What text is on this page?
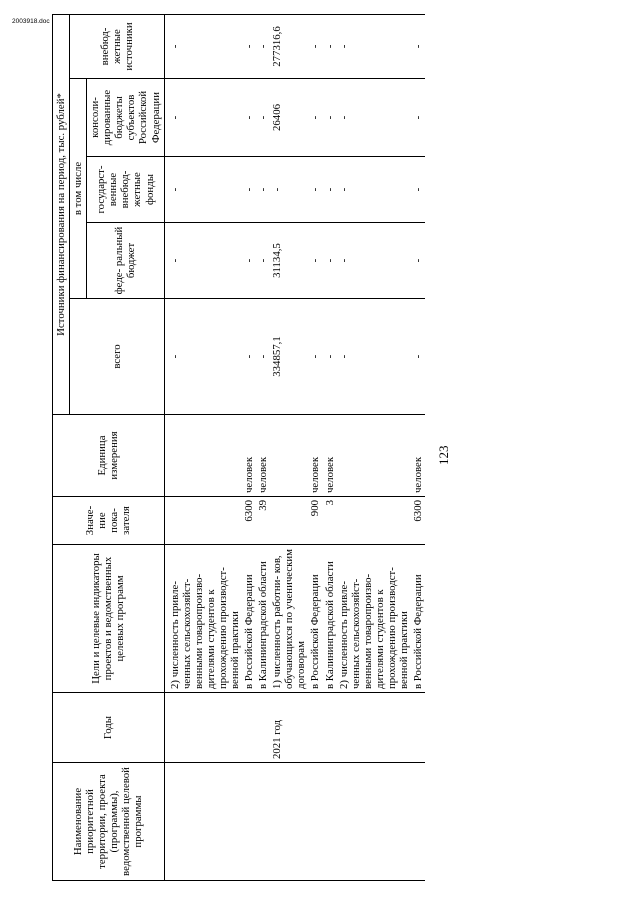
2003918.doc
123
Наименование приоритетной территории, проекта (программы), ведомственной целевой программы	Годы	Цели и целевые индикаторы проектов и ведомственных целевых программ	Значе- ние пока- зателя	Единица измерения	Источники финансирования на период, тыс. рублей*				
					всего	в том числе			внебюд- жетные источники
						феде- ральный бюджет	государст- венные внебюд- жетные фонды	консоли- дированные бюджеты субъектов Российской Федерации	
		2) численность привле- ченных сельскохозяйст- венными товаропроизво- дителями студентов к прохождению производст- венной практики			-	-	-	-	-
		в Российской Федерации	6300	человек	-	-	-	-	-
		в Калининградской области	39	человек	-	-	-	-	-
	2021 год	1) численность работни- ков, обучающихся по ученическим договорам			334857,1	31134,5	-	26406	277316,6
		в Российской Федерации	900	человек	-	-	-	-	-
		в Калининградской области	3	человек	-	-	-	-	-
		2) численность привле- ченных сельскохозяйст- венными товаропроизво- дителями студентов к прохождению производст- венной практики			-	-	-	-	-
		в Российской Федерации	6300	человек	-	-	-	-	-
